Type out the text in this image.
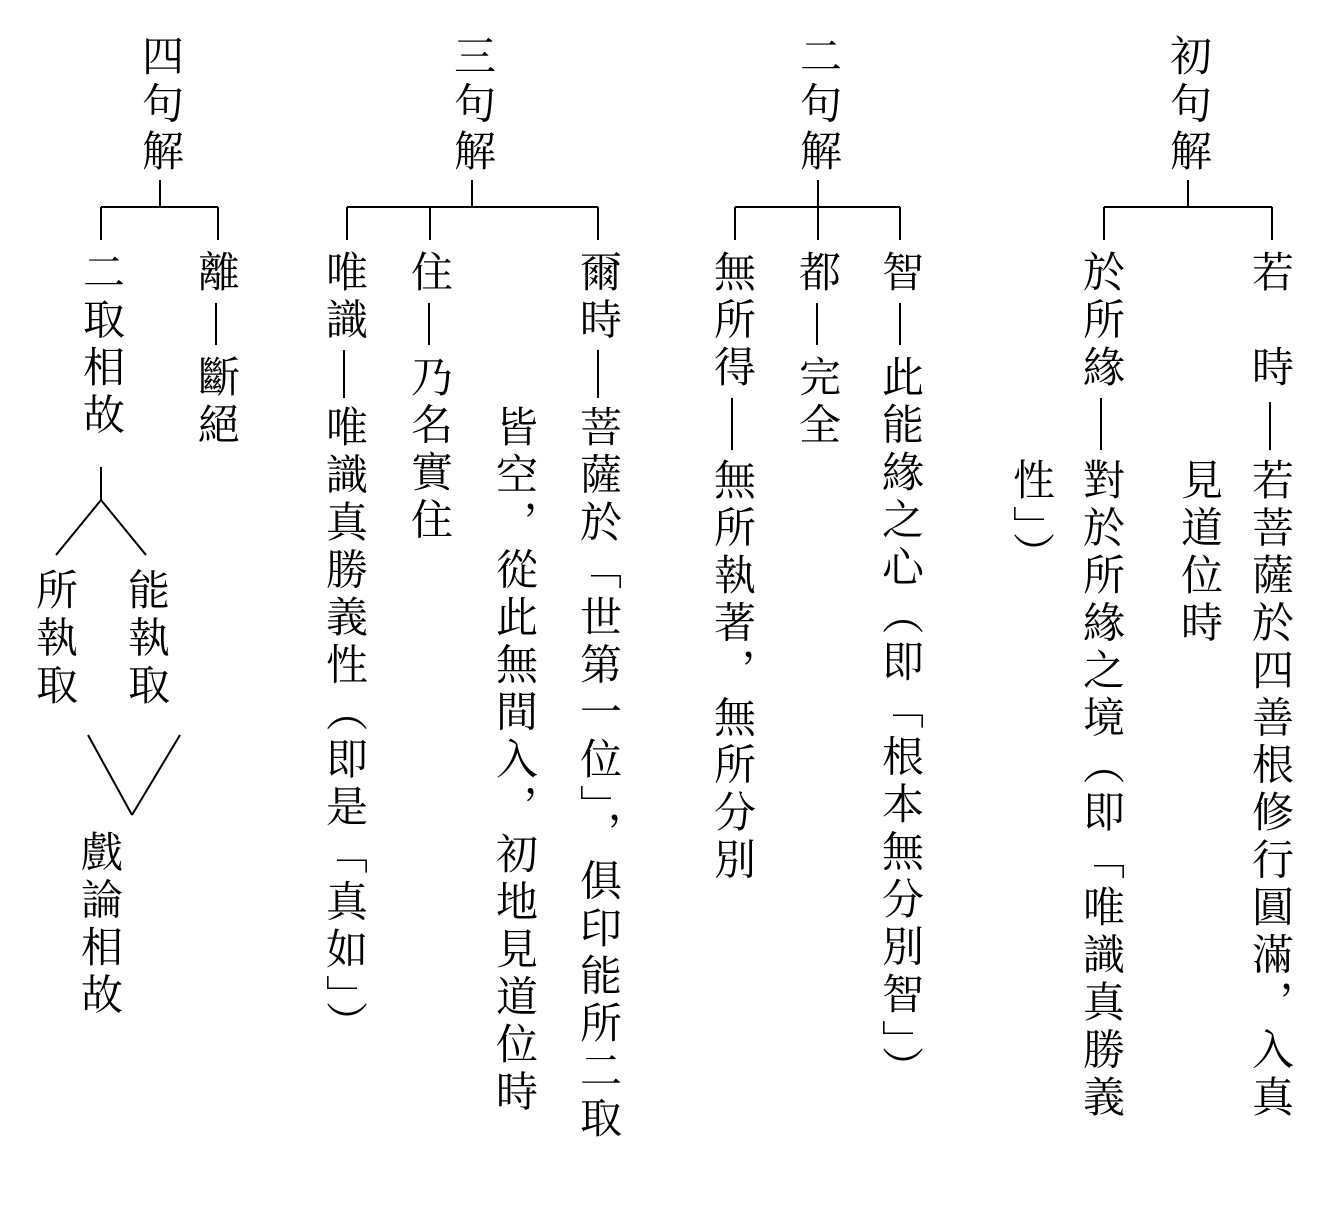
初句解
若　時
若菩薩於四善根修行圓滿，入真
見道位時
於所緣
對於所緣之境（即「唯識真勝義
性」）
二句解
智
此能緣之心（即「根本無分別智」）
都
完全
無所得
無所執著，無所分別
三句解
爾時
菩薩於「世第一位」，俱印能所二取
皆空，從此無間入，初地見道位時
住
乃名實住
唯識
唯識真勝義性（即是「真如」）
四句解
離
斷絕
二取相故
能執取
所執取
戲論相故
